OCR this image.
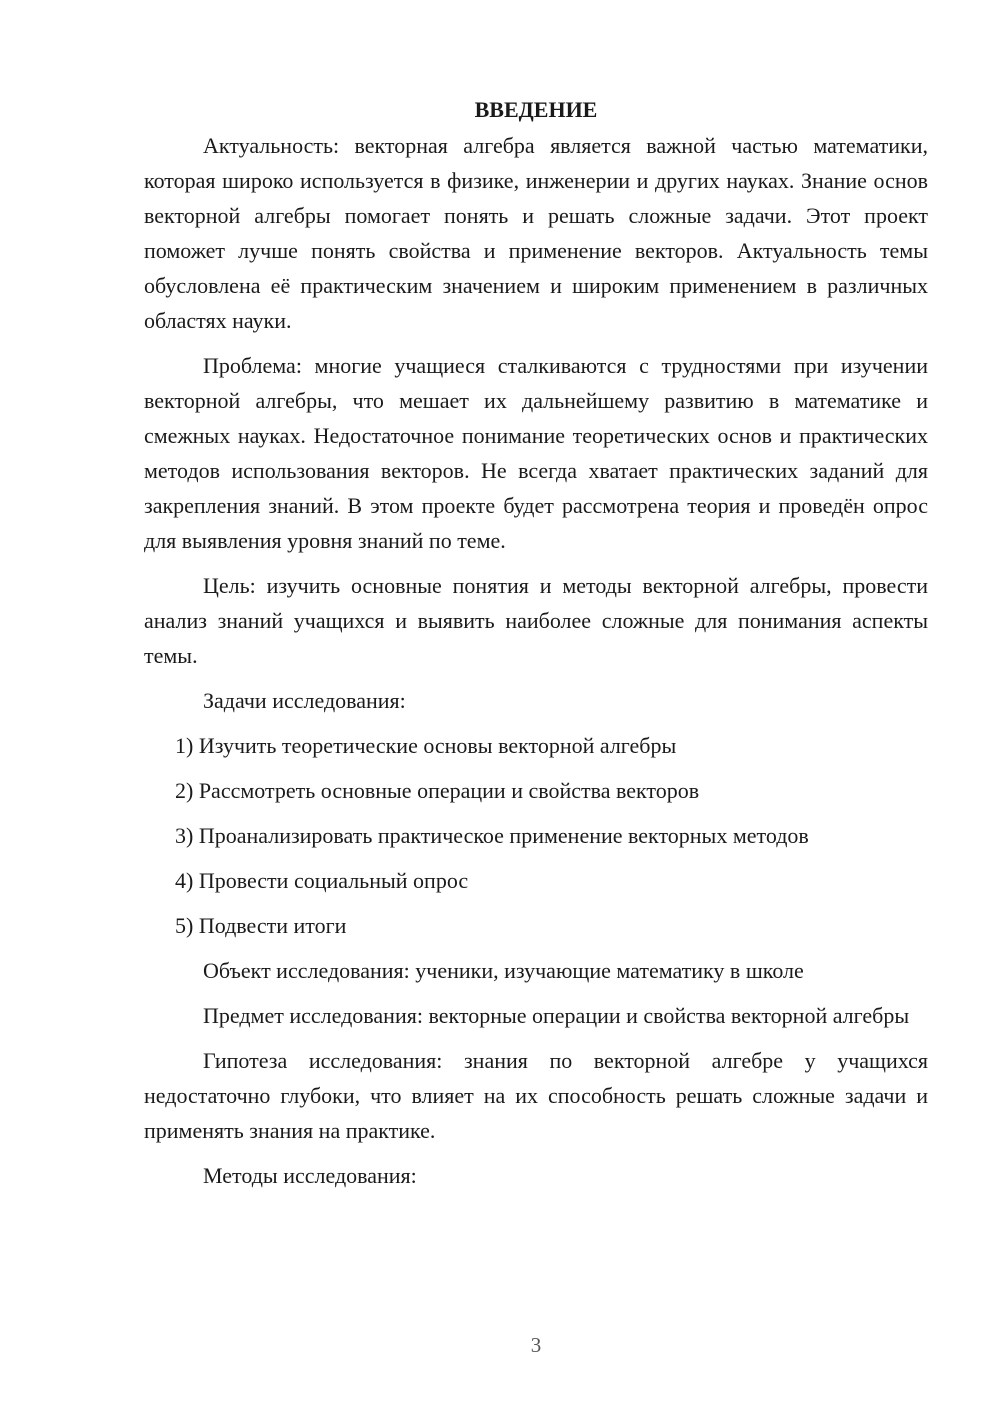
ВВЕДЕНИЕ

Актуальность: векторная алгебра является важной частью математики, которая широко используется в физике, инженерии и других науках. Знание основ векторной алгебры помогает понять и решать сложные задачи. Этот проект поможет лучше понять свойства и применение векторов. Актуальность темы обусловлена её практическим значением и широким применением в различных областях науки.

Проблема: многие учащиеся сталкиваются с трудностями при изучении векторной алгебры, что мешает их дальнейшему развитию в математике и смежных науках. Недостаточное понимание теоретических основ и практических методов использования векторов. Не всегда хватает практических заданий для закрепления знаний. В этом проекте будет рассмотрена теория и проведён опрос для выявления уровня знаний по теме.

Цель: изучить основные понятия и методы векторной алгебры, провести анализ знаний учащихся и выявить наиболее сложные для понимания аспекты темы.

Задачи исследования:
1) Изучить теоретические основы векторной алгебры
2) Рассмотреть основные операции и свойства векторов
3) Проанализировать практическое применение векторных методов
4) Провести социальный опрос
5) Подвести итоги

Объект исследования: ученики, изучающие математику в школе

Предмет исследования: векторные операции и свойства векторной алгебры

Гипотеза исследования: знания по векторной алгебре у учащихся недостаточно глубоки, что влияет на их способность решать сложные задачи и применять знания на практике.

Методы исследования:
3
